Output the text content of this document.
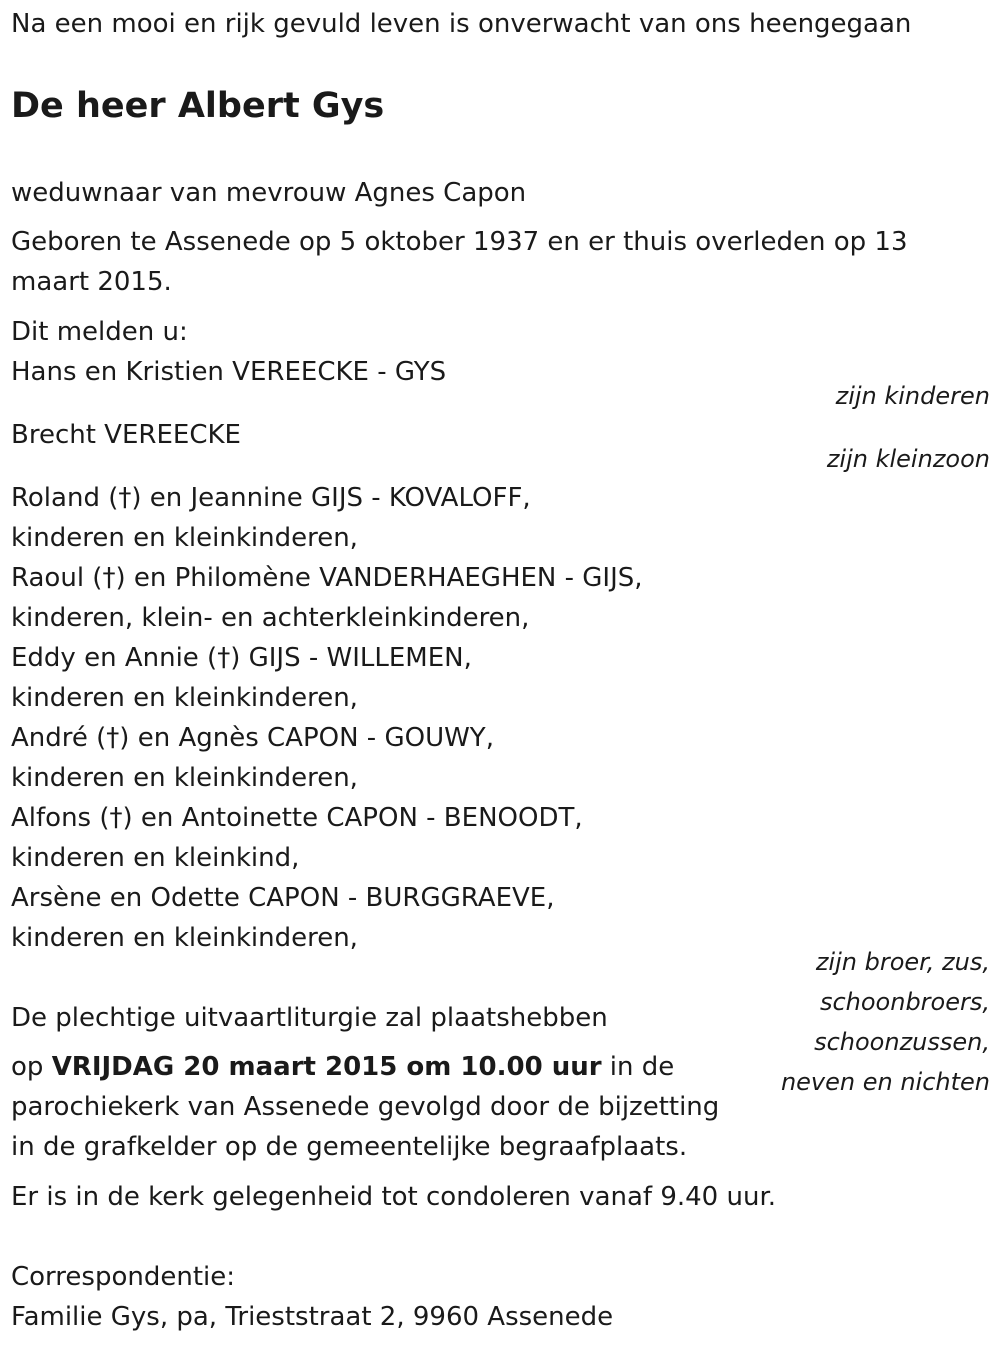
Na een mooi en rijk gevuld leven is onverwacht van ons heengegaan
De heer Albert Gys
weduwnaar van mevrouw Agnes Capon
Geboren te Assenede op 5 oktober 1937 en er thuis overleden op 13
maart 2015.
Dit melden u:
Hans en Kristien VEREECKE - GYS
zijn kinderen
Brecht VEREECKE
zijn kleinzoon
Roland (†) en Jeannine GIJS - KOVALOFF,
kinderen en kleinkinderen,
Raoul (†) en Philomène VANDERHAEGHEN - GIJS,
kinderen, klein- en achterkleinkinderen,
Eddy en Annie (†) GIJS - WILLEMEN,
kinderen en kleinkinderen,
André (†) en Agnès CAPON - GOUWY,
kinderen en kleinkinderen,
Alfons (†) en Antoinette CAPON - BENOODT,
kinderen en kleinkind,
Arsène en Odette CAPON - BURGGRAEVE,
kinderen en kleinkinderen,
zijn broer, zus,
schoonbroers,
schoonzussen,
neven en nichten
De plechtige uitvaartliturgie zal plaatshebben
op VRIJDAG 20 maart 2015 om 10.00 uur in de
parochiekerk van Assenede gevolgd door de bijzetting
in de grafkelder op de gemeentelijke begraafplaats.
Er is in de kerk gelegenheid tot condoleren vanaf 9.40 uur.
Correspondentie:
Familie Gys, pa, Trieststraat 2, 9960 Assenede
